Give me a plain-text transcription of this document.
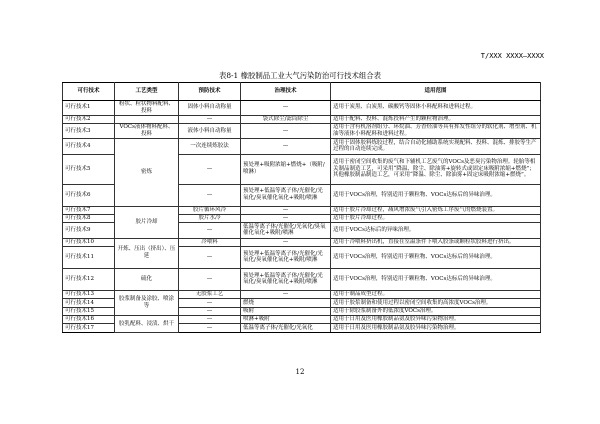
T/XXX XXXX—XXXX
表8-1 橡胶制品工业大气污染防治可行技术组合表
可行技术	工艺类型	预防技术	治理技术	适用范围
可行技术1	粉状、粒状物料配料、投料	固体小料自动称量	—	适用于炭黑、白炭黑、碳酸钙等固体小料配料和进料过程。
可行技术2		—	袋式除尘/滤筒除尘	适用于配料、投料、混炼投料产生的颗粒物治理。
可行技术3	VOCs液体物料配料、投料	液体小料自动称量	—	适用于含有机溶剂组分、环烷油、芳香烃油等具有挥发性组分的软化剂、增塑剂、机油等液体小料配料和进料过程。
可行技术4	密炼	一次连续炼胶法	—	适用于固体胶料炼胶过程，结合自动化辅助系统实现配料、投料、混炼、排胶等生产过程的自动连续完成。
可行技术5		—	预处理+吸附浓缩+燃烧+（吸附/喷淋）	适用于密闭空间收集的废气和下辅机工艺废气的VOCs及恶臭污染物治理。轮胎等相关制品制造工艺，可采用“降温、除尘、除油雾+旋转式或固定床吸附浓缩+燃烧”；其他橡胶制品制造工艺，可采用“降温、除尘、除油雾+固定床吸附浓缩+燃烧”。
可行技术6		—	预处理+低温等离子体/光催化/光氧化/臭氧催化氧化+吸附/喷淋	适用于VOCs治理，特别适用于颗粒物、VOCs达标后的异味治理。
可行技术7	胶片冷却	胶片循环风冷	—	适用于胶片冷却过程，减风增浓废气引入密炼工序废气的燃烧装置。
可行技术8		胶片水冷	—	适用于胶片冷却过程。
可行技术9		—	低温等离子体/光催化/光氧化/臭氧催化氧化+吸附/喷淋	适用于VOCs达标后的异味治理。
可行技术10	开炼、压出（挤出）、压延	冷喂料	—	适用于冷喂料挤出机，直接在室温条件下喂入胶条或颗粒状胶料进行挤出。
可行技术11		—	预处理+低温等离子体/光催化/光氧化/臭氧催化氧化+吸附/喷淋	适用于VOCs治理，特别适用于颗粒物、VOCs达标后的异味治理。
可行技术12	硫化	—	预处理+低温等离子体/光催化/光氧化/臭氧催化氧化+吸附/喷淋	适用于VOCs治理，特别适用于颗粒物、VOCs达标后的异味治理。
可行技术13	胶浆制备及涂胶、喷涂等	无胶浆工艺	—	适用于制品成型过程。
可行技术14		—	燃烧	适用于胶浆制备和使用过程以密闭空间收集的高浓度VOCs治理。
可行技术15		—	吸附	适用于除胶浆制备外的低浓度VOCs治理。
可行技术16	胶乳配料、浸渍、烘干	—	喷淋+吸附	适用于日用及医用橡胶制品氨及胶异味污染物治理。
可行技术17		—	低温等离子体/光催化/光氧化	适用于日用及医用橡胶制品氨及胶异味污染物治理。
12
